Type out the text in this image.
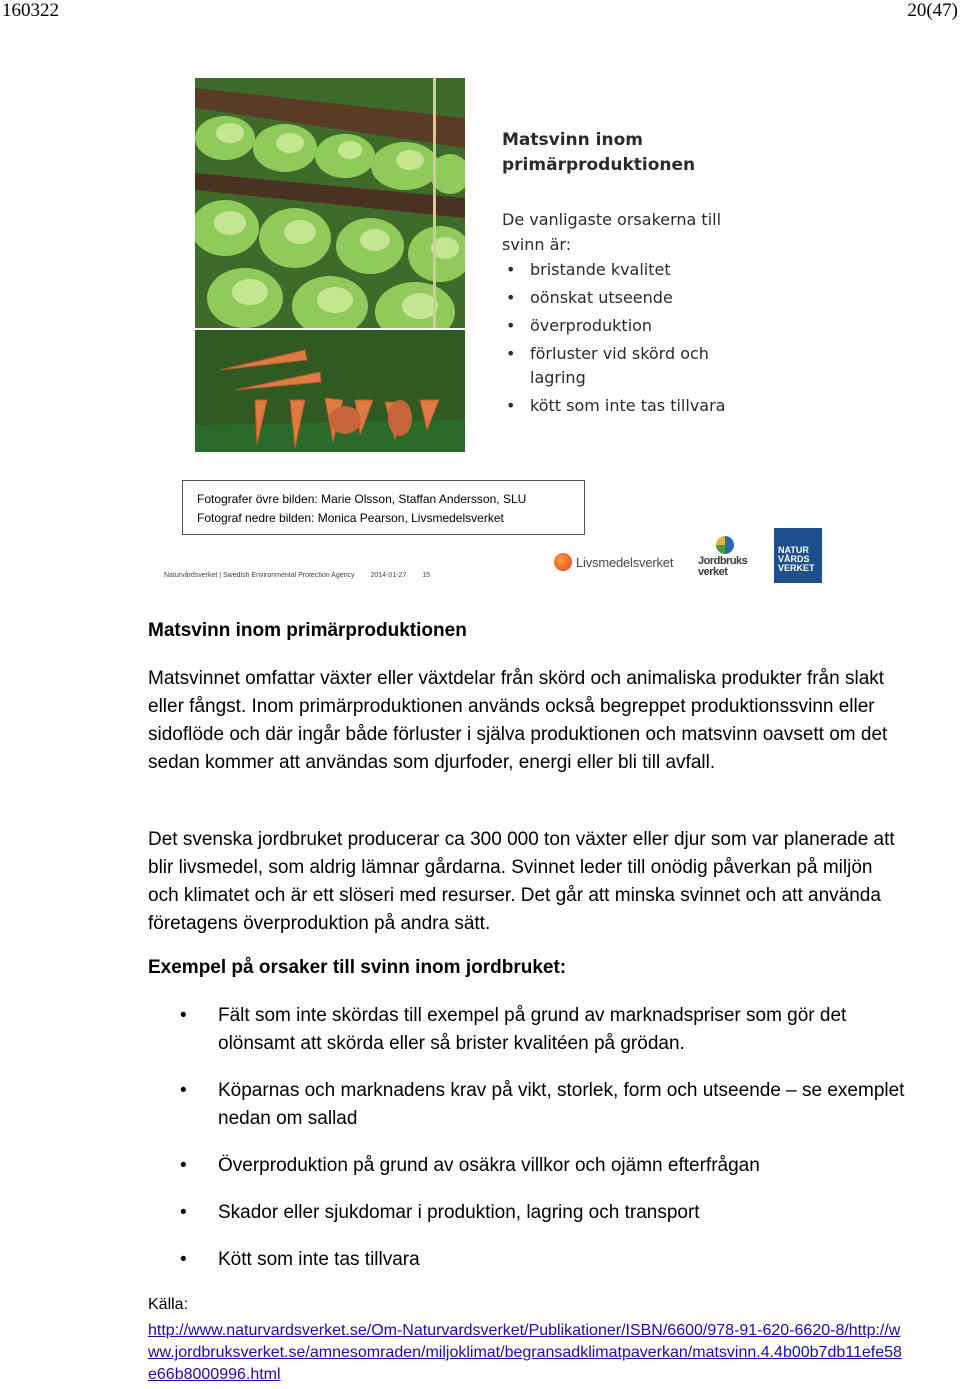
160322	20(47)
Matsvinn inom
primärproduktionen
De vanligaste orsakerna till svinn är:
• bristande kvalitet
• oönskat utseende
• överproduktion
• förluster vid skörd och lagring
• kött som inte tas tillvara
Fotografer övre bilden: Marie Olsson, Staffan Andersson, SLU
Fotograf nedre bilden: Monica Pearson, Livsmedelsverket
Naturvårdsverket | Swedish Environmental Protection Agency 2014-01-27 15
Livsmedelsverket Jordbruks
verket
NATUR
VÅRDS
VERKET
Matsvinn inom primärproduktionen

Matsvinnet omfattar växter eller växtdelar från skörd och animaliska produkter från slakt eller fångst. Inom primärproduktionen används också begreppet produktionssvinn eller sidoflöde och där ingår både förluster i själva produktionen och matsvinn oavsett om det sedan kommer att användas som djurfoder, energi eller bli till avfall.

Det svenska jordbruket producerar ca 300 000 ton växter eller djur som var planerade att blir livsmedel, som aldrig lämnar gårdarna. Svinnet leder till onödig påverkan på miljön och klimatet och är ett slöseri med resurser. Det går att minska svinnet och att använda företagens överproduktion på andra sätt.

Exempel på orsaker till svinn inom jordbruket:
• Fält som inte skördas till exempel på grund av marknadspriser som gör det olönsamt att skörda eller så brister kvalitéen på grödan.
• Köparnas och marknadens krav på vikt, storlek, form och utseende – se exemplet nedan om sallad
• Överproduktion på grund av osäkra villkor och ojämn efterfrågan
• Skador eller sjukdomar i produktion, lagring och transport
• Kött som inte tas tillvara
Källa:
http://www.naturvardsverket.se/Om-Naturvardsverket/Publikationer/ISBN/6600/978-91-620-6620-8/http://www.jordbruksverket.se/amnesomraden/miljoklimat/begransadklimatpaverkan/matsvinn.4.4b00b7db11efe58e66b8000996.html
